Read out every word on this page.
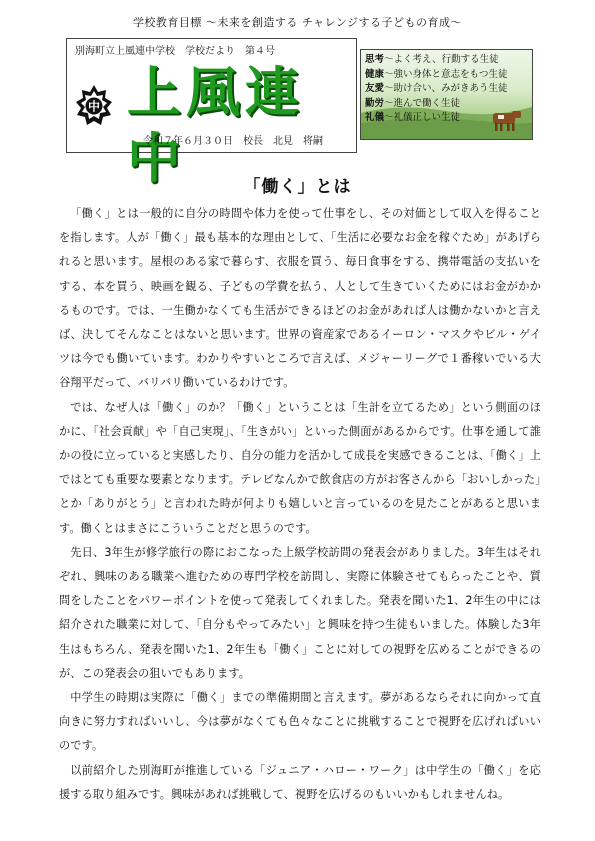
学校教育目標 ～未来を創造する チャレンジする子どもの育成～
別海町立上風連中学校　学校だより　第４号
中 上風連中
令和７年６月３０日　校長　北見　将嗣
思考～よく考え、行動する生徒
健康～強い身体と意志をもつ生徒
友愛～助け合い、みがきあう生徒
勤労～進んで働く生徒
礼儀～礼儀正しい生徒
「働く」とは

「働く」とは一般的に自分の時間や体力を使って仕事をし、その対価として収入を得ることを指します。人が「働く」最も基本的な理由として、「生活に必要なお金を稼ぐため」があげられると思います。屋根のある家で暮らす、衣服を買う、毎日食事をする、携帯電話の支払いをする、本を買う、映画を観る、子どもの学費を払う、人として生きていくためにはお金がかかるものです。では、一生働かなくても生活ができるほどのお金があれば人は働かないかと言えば、決してそんなことはないと思います。世界の資産家であるイーロン・マスクやビル・ゲイツは今でも働いています。わかりやすいところで言えば、メジャーリーグで１番稼いでいる大谷翔平だって、バリバリ働いているわけです。

では、なぜ人は「働く」のか？「働く」ということは「生計を立てるため」という側面のほかに、「社会貢献」や「自己実現」、「生きがい」といった側面があるからです。仕事を通して誰かの役に立っていると実感したり、自分の能力を活かして成長を実感できることは、「働く」上ではとても重要な要素となります。テレビなんかで飲食店の方がお客さんから「おいしかった」とか「ありがとう」と言われた時が何よりも嬉しいと言っているのを見たことがあると思います。働くとはまさにこういうことだと思うのです。

先日、3年生が修学旅行の際におこなった上級学校訪問の発表会がありました。3年生はそれぞれ、興味のある職業へ進むための専門学校を訪問し、実際に体験させてもらったことや、質問をしたことをパワーポイントを使って発表してくれました。発表を聞いた1、2年生の中には紹介された職業に対して、「自分もやってみたい」と興味を持つ生徒もいました。体験した3年生はもちろん、発表を聞いた1、2年生も「働く」ことに対しての視野を広めることができるのが、この発表会の狙いでもあります。

中学生の時期は実際に「働く」までの準備期間と言えます。夢があるならそれに向かって直向きに努力すればいいし、今は夢がなくても色々なことに挑戦することで視野を広げればいいのです。

以前紹介した別海町が推進している「ジュニア・ハロー・ワーク」は中学生の「働く」を応援する取り組みです。興味があれば挑戦して、視野を広げるのもいいかもしれませんね。
